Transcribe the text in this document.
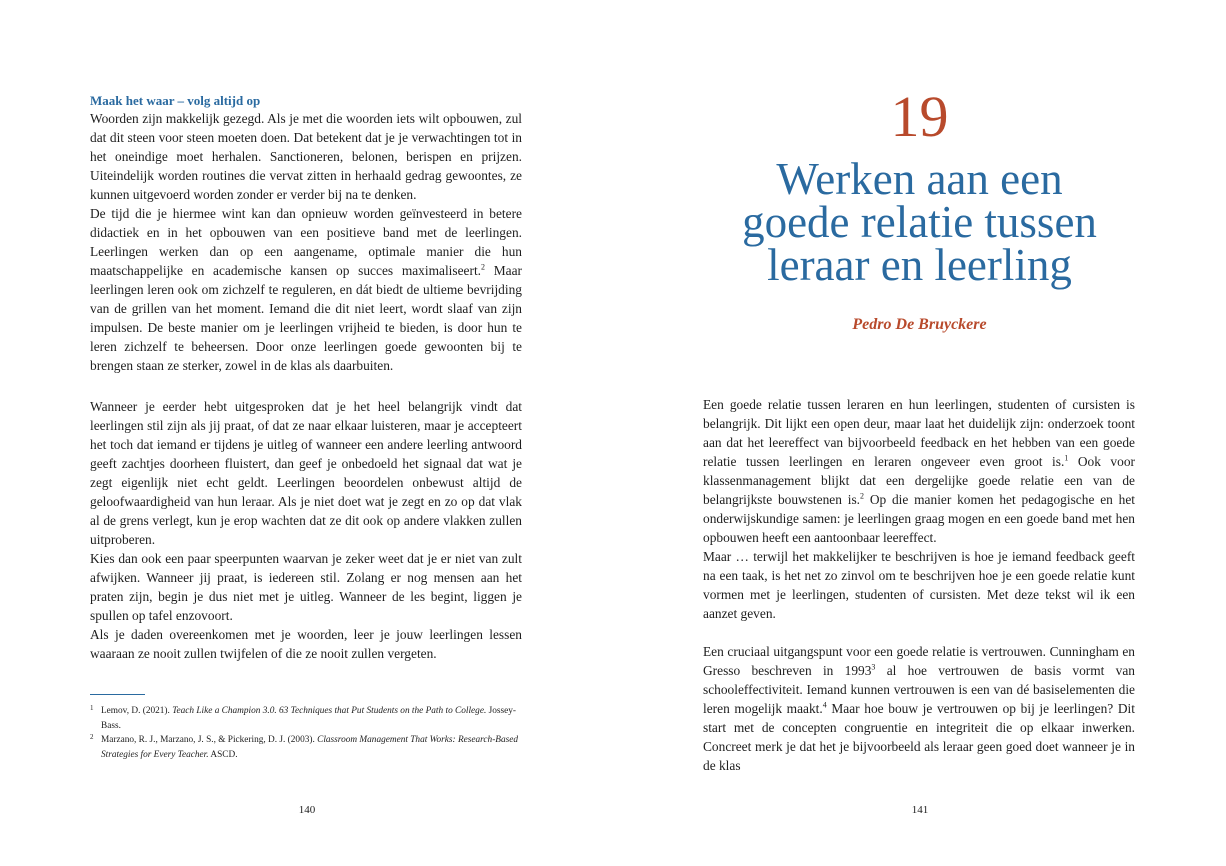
Maak het waar – volg altijd op

Woorden zijn makkelijk gezegd. Als je met die woorden iets wilt opbouwen, zul dat dit steen voor steen moeten doen. Dat betekent dat je je verwachtingen tot in het oneindige moet herhalen. Sanctioneren, belonen, berispen en prijzen. Uiteindelijk worden routines die vervat zitten in herhaald gedrag gewoontes, ze kunnen uitgevoerd worden zonder er verder bij na te denken.

De tijd die je hiermee wint kan dan opnieuw worden geïnvesteerd in betere didactiek en in het opbouwen van een positieve band met de leerlingen. Leerlingen werken dan op een aangename, optimale manier die hun maatschappelijke en academische kansen op succes maximaliseert.$^2$ Maar leerlingen leren ook om zichzelf te reguleren, en dát biedt de ultieme bevrijding van de grillen van het moment. Iemand die dit niet leert, wordt slaaf van zijn impulsen. De beste manier om je leerlingen vrijheid te bieden, is door hun te leren zichzelf te beheersen. Door onze leerlingen goede gewoonten bij te brengen staan ze sterker, zowel in de klas als daarbuiten.

Wanneer je eerder hebt uitgesproken dat je het heel belangrijk vindt dat leerlingen stil zijn als jij praat, of dat ze naar elkaar luisteren, maar je accepteert het toch dat iemand er tijdens je uitleg of wanneer een andere leerling antwoord geeft zachtjes doorheen fluistert, dan geef je onbedoeld het signaal dat wat je zegt eigenlijk niet echt geldt. Leerlingen beoordelen onbewust altijd de geloofwaardigheid van hun leraar. Als je niet doet wat je zegt en zo op dat vlak al de grens verlegt, kun je erop wachten dat ze dit ook op andere vlakken zullen uitproberen.

Kies dan ook een paar speerpunten waarvan je zeker weet dat je er niet van zult afwijken. Wanneer jij praat, is iedereen stil. Zolang er nog mensen aan het praten zijn, begin je dus niet met je uitleg. Wanneer de les begint, liggen je spullen op tafel enzovoort.

Als je daden overeenkomen met je woorden, leer je jouw leerlingen lessen waaraan ze nooit zullen twijfelen of die ze nooit zullen vergeten.

1 Lemov, D. (2021). Teach Like a Champion 3.0. 63 Techniques that Put Students on the Path to College. Jossey-Bass.

2 Marzano, R. J., Marzano, J. S., & Pickering, D. J. (2003). Classroom Management That Works: Research-Based Strategies for Every Teacher. ASCD.

140
19
Werken aan een
goede relatie tussen
leraar en leerling
Pedro De Bruyckere

Een goede relatie tussen leraren en hun leerlingen, studenten of cursisten is belangrijk. Dit lijkt een open deur, maar laat het duidelijk zijn: onderzoek toont aan dat het leereffect van bijvoorbeeld feedback en het hebben van een goede relatie tussen leerlingen en leraren ongeveer even groot is.$^1$ Ook voor klassenmanagement blijkt dat een dergelijke goede relatie een van de belangrijkste bouwstenen is.$^2$ Op die manier komen het pedagogische en het onderwijskundige samen: je leerlingen graag mogen en een goede band met hen opbouwen heeft een aantoonbaar leereffect.

Maar … terwijl het makkelijker te beschrijven is hoe je iemand feedback geeft na een taak, is het net zo zinvol om te beschrijven hoe je een goede relatie kunt vormen met je leerlingen, studenten of cursisten. Met deze tekst wil ik een aanzet geven.

Een cruciaal uitgangspunt voor een goede relatie is vertrouwen. Cunningham en Gresso beschreven in 1993$^3$ al hoe vertrouwen de basis vormt van schooleffectiviteit. Iemand kunnen vertrouwen is een van dé basiselementen die leren mogelijk maakt.$^4$ Maar hoe bouw je vertrouwen op bij je leerlingen? Dit start met de concepten congruentie en integriteit die op elkaar inwerken. Concreet merk je dat het je bijvoorbeeld als leraar geen goed doet wanneer je in de klas

141
